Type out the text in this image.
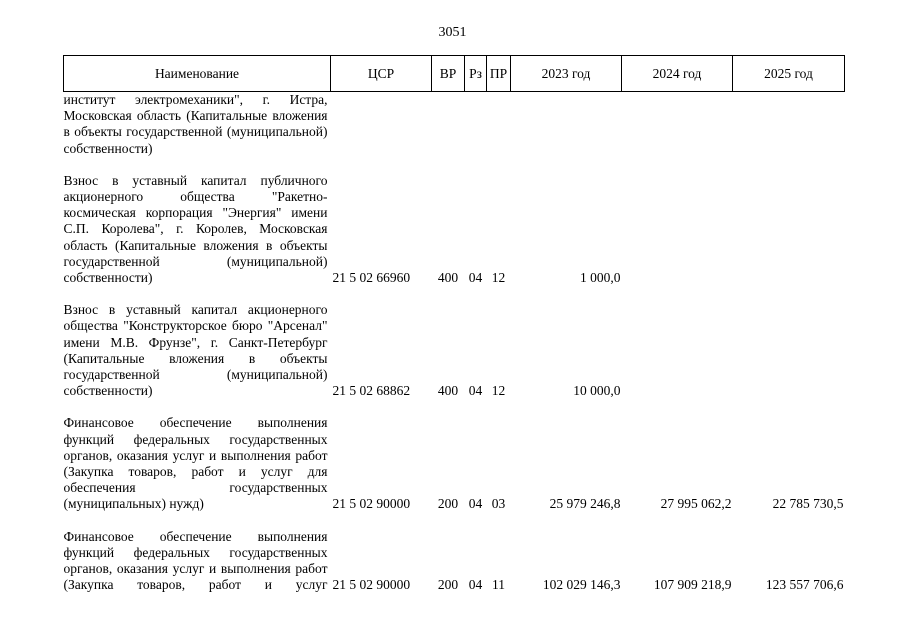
3051
Наименование	ЦСР	ВР	Рз	ПР	2023 год	2024 год	2025 год
институт электромеханики", г. Истра, Московская область (Капитальные вложения в объекты государственной (муниципальной) собственности)							

Взнос в уставный капитал публичного акционерного общества "Ракетно-космическая корпорация "Энергия" имени С.П. Королева", г. Королев, Московская область (Капитальные вложения в объекты государственной (муниципальной) собственности)	21 5 02 66960	400	04	12	1 000,0		

Взнос в уставный капитал акционерного общества "Конструкторское бюро "Арсенал" имени М.В. Фрунзе", г. Санкт-Петербург (Капитальные вложения в объекты государственной (муниципальной) собственности)	21 5 02 68862	400	04	12	10 000,0		

Финансовое обеспечение выполнения функций федеральных государственных органов, оказания услуг и выполнения работ (Закупка товаров, работ и услуг для обеспечения государственных (муниципальных) нужд)	21 5 02 90000	200	04	03	25 979 246,8	27 995 062,2	22 785 730,5

Финансовое обеспечение выполнения функций федеральных государственных органов, оказания услуг и выполнения работ (Закупка товаров, работ и услуг	21 5 02 90000	200	04	11	102 029 146,3	107 909 218,9	123 557 706,6
